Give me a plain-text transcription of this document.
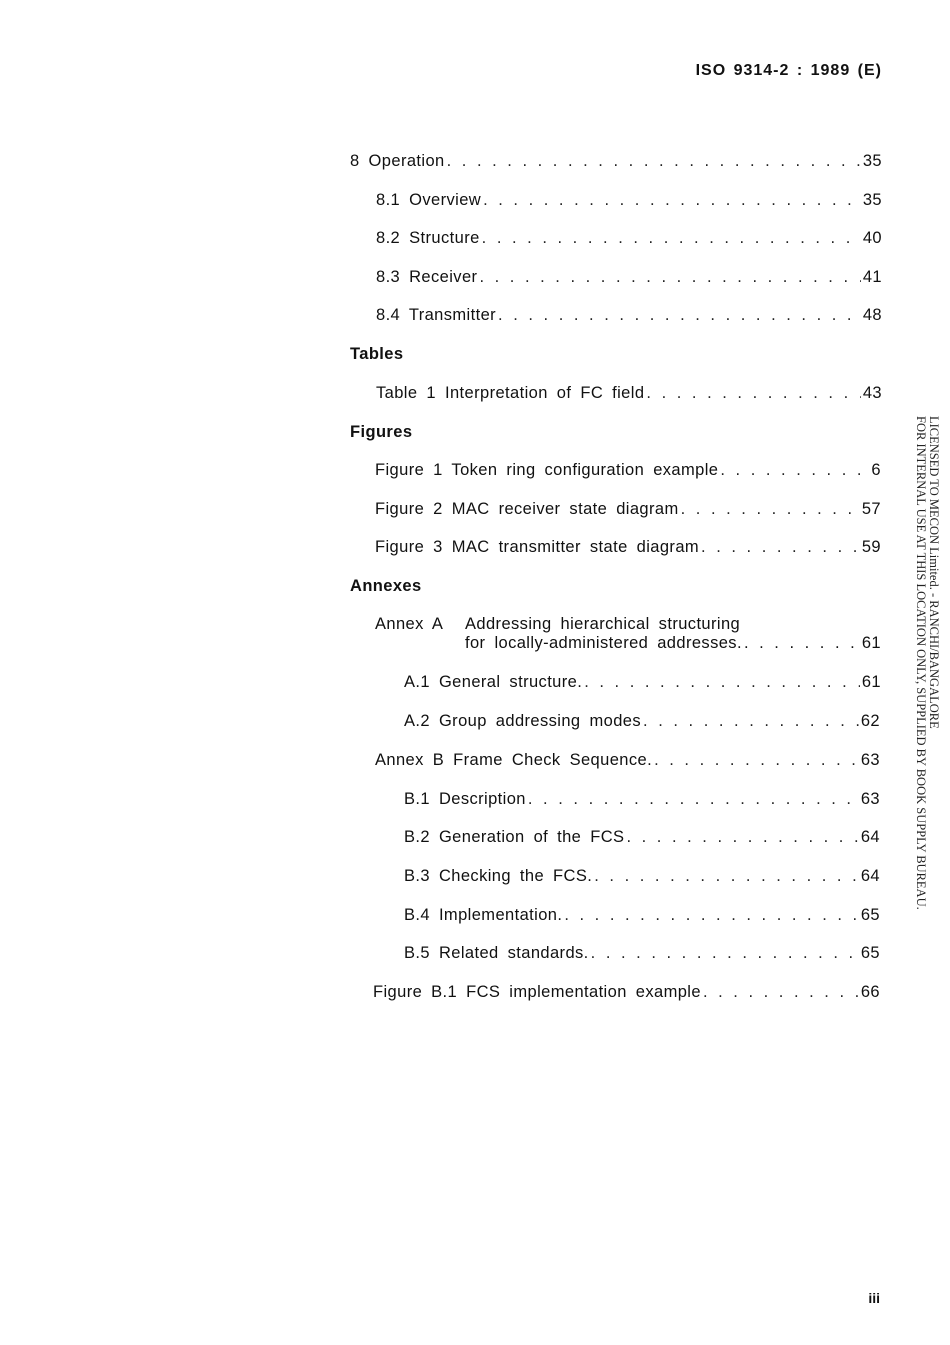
ISO 9314-2 : 1989 (E)
8 Operation . . .	35
8.1 Overview . . .	35
8.2 Structure . . .	40
8.3 Receiver . . .	41
8.4 Transmitter . . .	48
Tables
Table 1 Interpretation of FC field . . .	43
Figures
Figure 1 Token ring configuration example . . .	6
Figure 2 MAC receiver state diagram . . .	57
Figure 3 MAC transmitter state diagram . . .	59
Annexes
Annex A Addressing hierarchical structuring
for locally-administered addresses. . . .	61
A.1 General structure. . . .	61
A.2 Group addressing modes . . .	62
Annex B Frame Check Sequence. . . .	63
B.1 Description . . .	63
B.2 Generation of the FCS . . .	64
B.3 Checking the FCS. . . .	64
B.4 Implementation. . . .	65
B.5 Related standards. . . .	65
Figure B.1 FCS implementation example . . .	66
LICENSED TO MECON Limited. - RANCHI/BANGALORE
FOR INTERNAL USE AT THIS LOCATION ONLY, SUPPLIED BY BOOK SUPPLY BUREAU.
iii
